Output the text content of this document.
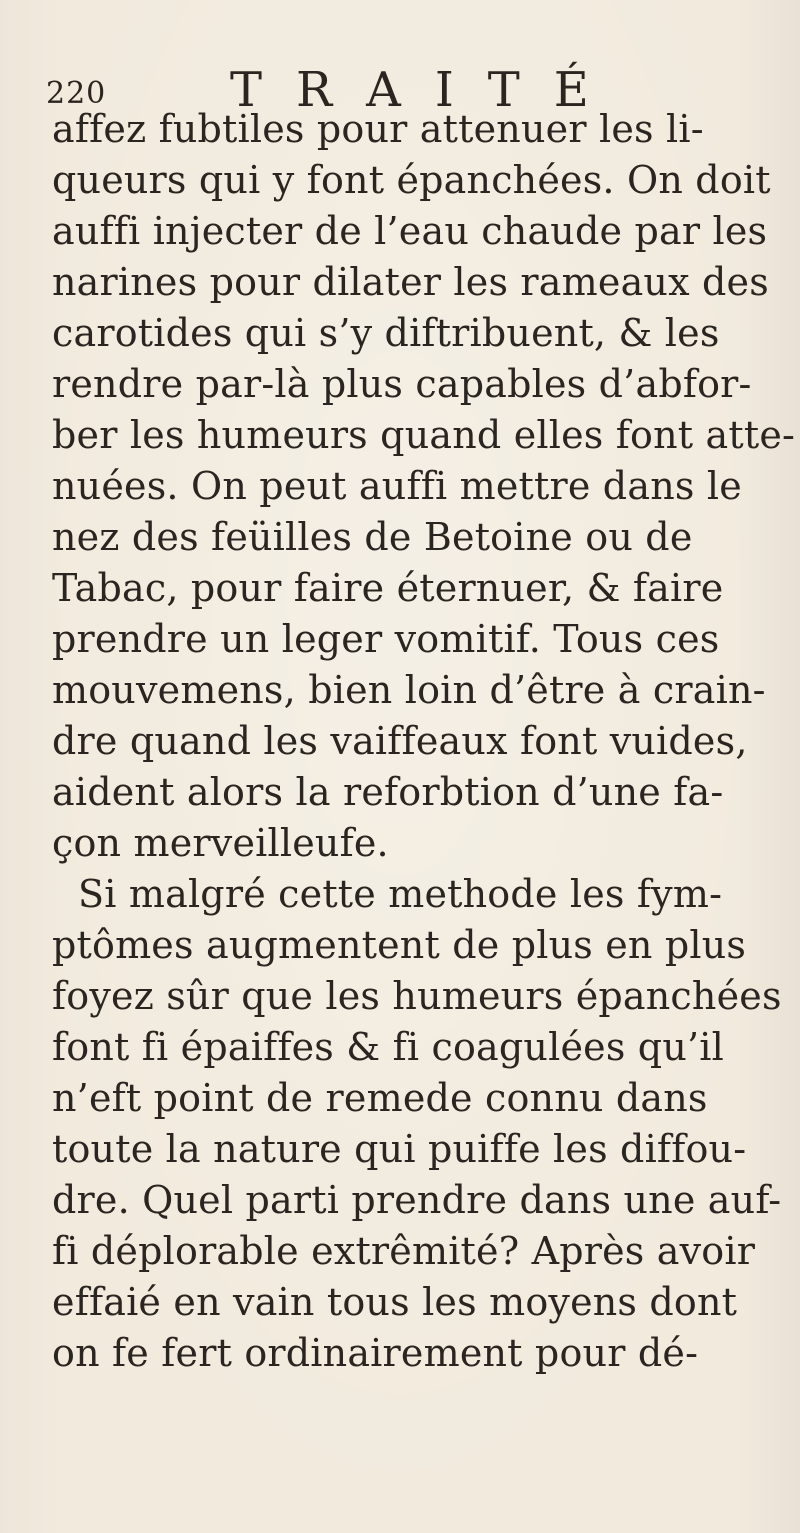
220	TRAITÉ
affez fubtiles pour attenuer les li-
queurs qui y font épanchées. On doit
auffi injecter de l’eau chaude par les
narines pour dilater les rameaux des
carotides qui s’y diftribuent, & les
rendre par-là plus capables d’abfor-
ber les humeurs quand elles font atte-
nuées. On peut auffi mettre dans le
nez des feüilles de Betoine ou de
Tabac, pour faire éternuer, & faire
prendre un leger vomitif. Tous ces
mouvemens, bien loin d’être à crain-
dre quand les vaiffeaux font vuides,
aident alors la reforbtion d’une fa-
çon merveilleufe.
Si malgré cette methode les fym-
ptômes augmentent de plus en plus
foyez sûr que les humeurs épanchées
font fi épaiffes & fi coagulées qu’il
n’eft point de remede connu dans
toute la nature qui puiffe les diffou-
dre. Quel parti prendre dans une auf-
fi déplorable extrêmité? Après avoir
effaié en vain tous les moyens dont
on fe fert ordinairement pour dé-
